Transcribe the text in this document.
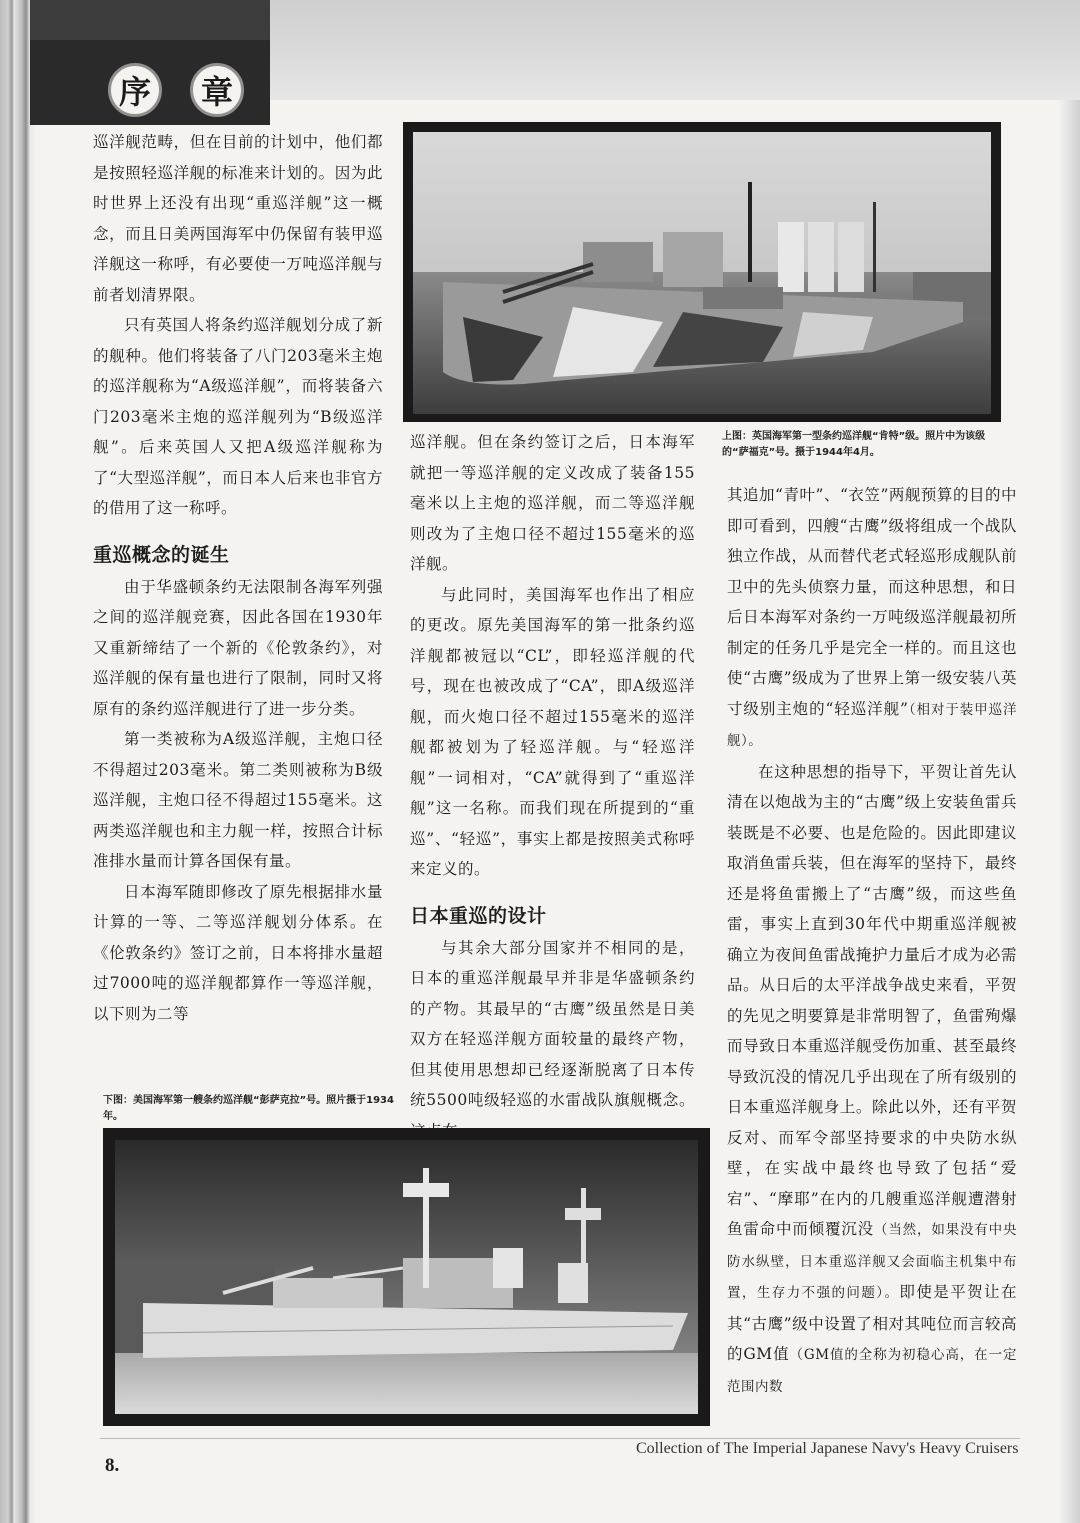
序	章

巡洋舰范畴，但在目前的计划中，他们都是按照轻巡洋舰的标准来计划的。因为此时世界上还没有出现“重巡洋舰”这一概念，而且日美两国海军中仍保留有装甲巡洋舰这一称呼，有必要使一万吨巡洋舰与前者划清界限。

只有英国人将条约巡洋舰划分成了新的舰种。他们将装备了八门203毫米主炮的巡洋舰称为“A级巡洋舰”，而将装备六门203毫米主炮的巡洋舰列为“B级巡洋舰”。后来英国人又把A级巡洋舰称为了“大型巡洋舰”，而日本人后来也非官方的借用了这一称呼。

重巡概念的诞生

由于华盛顿条约无法限制各海军列强之间的巡洋舰竞赛，因此各国在1930年又重新缔结了一个新的《伦敦条约》，对巡洋舰的保有量也进行了限制，同时又将原有的条约巡洋舰进行了进一步分类。

第一类被称为A级巡洋舰，主炮口径不得超过203毫米。第二类则被称为B级巡洋舰，主炮口径不得超过155毫米。这两类巡洋舰也和主力舰一样，按照合计标准排水量而计算各国保有量。

日本海军随即修改了原先根据排水量计算的一等、二等巡洋舰划分体系。在《伦敦条约》签订之前，日本将排水量超过7000吨的巡洋舰都算作一等巡洋舰，以下则为二等

上图：英国海军第一型条约巡洋舰“肯特”级。照片中为该级的“萨福克”号。摄于1944年4月。

巡洋舰。但在条约签订之后，日本海军就把一等巡洋舰的定义改成了装备155毫米以上主炮的巡洋舰，而二等巡洋舰则改为了主炮口径不超过155毫米的巡洋舰。

与此同时，美国海军也作出了相应的更改。原先美国海军的第一批条约巡洋舰都被冠以“CL”，即轻巡洋舰的代号，现在也被改成了“CA”，即A级巡洋舰，而火炮口径不超过155毫米的巡洋舰都被划为了轻巡洋舰。与“轻巡洋舰”一词相对，“CA”就得到了“重巡洋舰”这一名称。而我们现在所提到的“重巡”、“轻巡”，事实上都是按照美式称呼来定义的。

日本重巡的设计

与其余大部分国家并不相同的是，日本的重巡洋舰最早并非是华盛顿条约的产物。其最早的“古鹰”级虽然是日美双方在轻巡洋舰方面较量的最终产物，但其使用思想却已经逐渐脱离了日本传统5500吨级轻巡的水雷战队旗舰概念。

其追加“青叶”、“衣笠”两舰预算的目的中即可看到，四艘“古鹰”级将组成一个战队独立作战，从而替代老式轻巡形成舰队前卫中的先头侦察力量，而这种思想，和日后日本海军对条约一万吨级巡洋舰最初所制定的任务几乎是完全一样的。而且这也使“古鹰”级成为了世界上第一级安装八英寸级别主炮的“轻巡洋舰”（相对于装甲巡洋舰）。

在这种思想的指导下，平贺让首先认清在以炮战为主的“古鹰”级上安装鱼雷兵装既是不必要、也是危险的。因此即建议取消鱼雷兵装，但在海军的坚持下，最终还是将鱼雷搬上了“古鹰”级，而这些鱼雷，事实上直到30年代中期重巡洋舰被确立为夜间鱼雷战掩护力量后才成为必需品。从日后的太平洋战争战史来看，平贺的先见之明要算是非常明智了，鱼雷殉爆而导致日本重巡洋舰受伤加重、甚至最终导致沉没的情况几乎出现在了所有级别的日本重巡洋舰身上。除此以外，还有平贺反对、而军令部坚持要求的中央防水纵壁，在实战中最终也导致了包括“爱宕”、“摩耶”在内的几艘重巡洋舰遭潜射鱼雷命中而倾覆沉没（当然，如果没有中央防水纵壁，日本重巡洋舰又会面临主机集中布置，生存力不强的问题）。即使是平贺让在其“古鹰”级中设置了相对其吨位而言较高的GM值（GM值的全称为初稳心高，在一定范围内数

下图：美国海军第一艘条约巡洋舰“彭萨克拉”号。照片摄于1934年。
8.
Collection of The Imperial Japanese Navy's Heavy Cruisers
